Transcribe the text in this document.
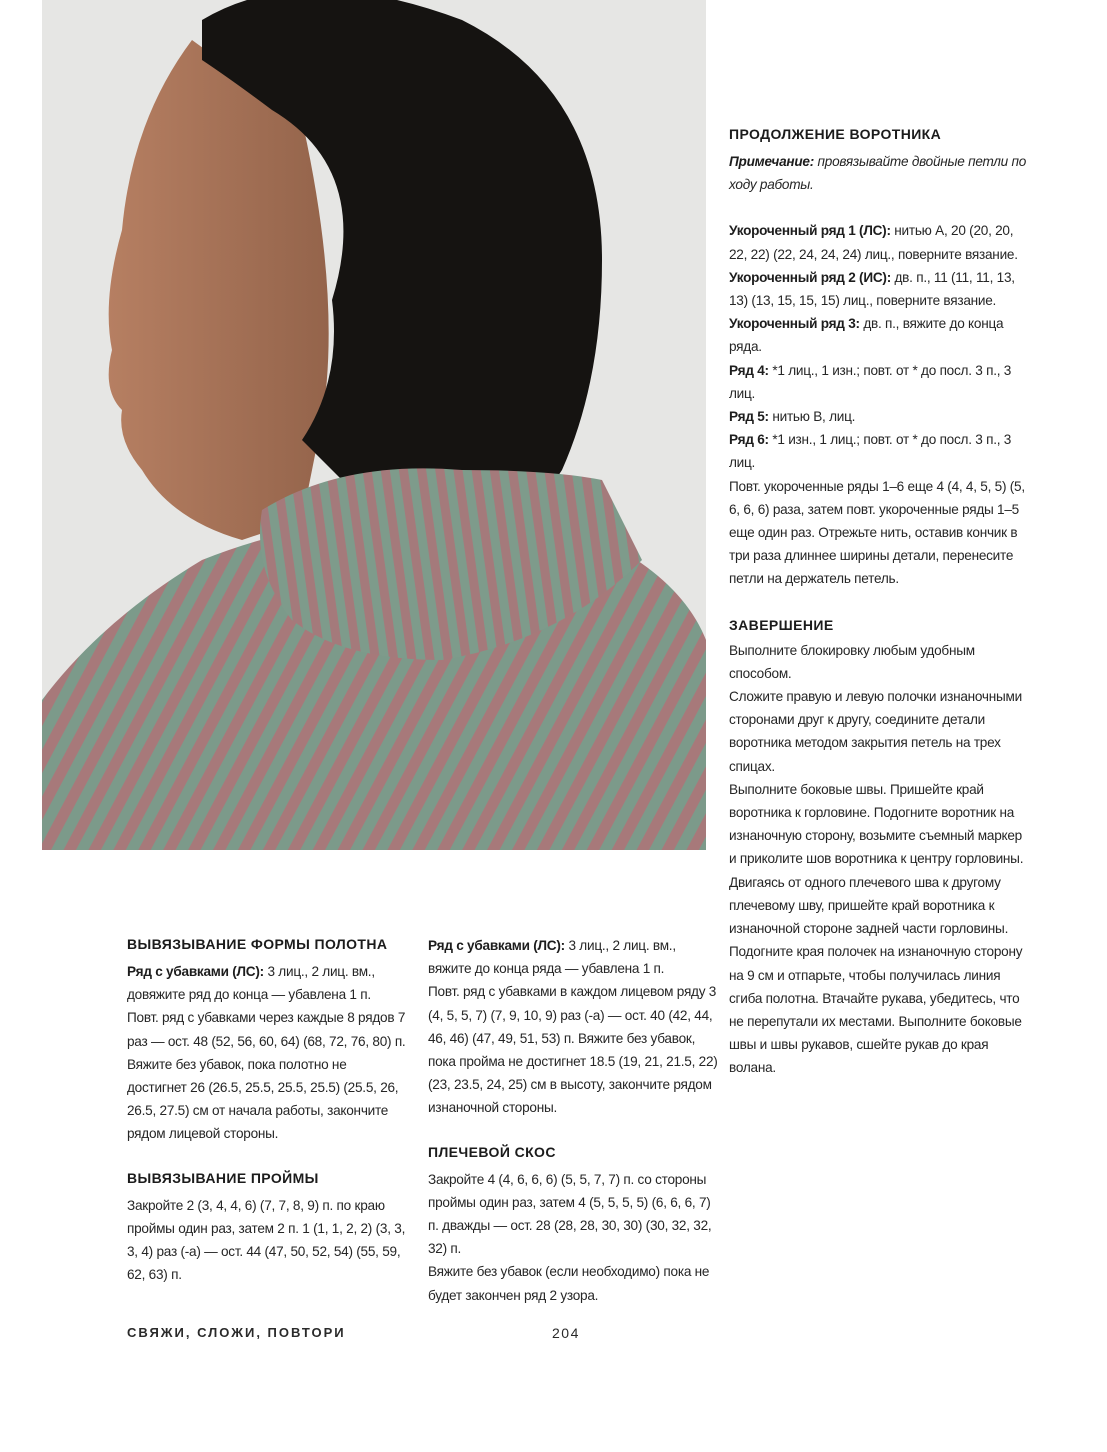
ПРОДОЛЖЕНИЕ ВОРОТНИКА

Примечание: провязывайте двойные петли по ходу работы.

Укороченный ряд 1 (ЛС): нитью А, 20 (20, 20, 22, 22) (22, 24, 24, 24) лиц., поверните вязание.

Укороченный ряд 2 (ИС): дв. п., 11 (11, 11, 13, 13) (13, 15, 15, 15) лиц., поверните вязание.

Укороченный ряд 3: дв. п., вяжите до конца ряда.

Ряд 4: *1 лиц., 1 изн.; повт. от * до посл. 3 п., 3 лиц.

Ряд 5: нитью В, лиц.

Ряд 6: *1 изн., 1 лиц.; повт. от * до посл. 3 п., 3 лиц.

Повт. укороченные ряды 1–6 еще 4 (4, 4, 5, 5) (5, 6, 6, 6) раза, затем повт. укороченные ряды 1–5 еще один раз. Отрежьте нить, оставив кончик в три раза длиннее ширины детали, перенесите петли на держатель петель.

ЗАВЕРШЕНИЕ

Выполните блокировку любым удобным способом.

Сложите правую и левую полочки изнаночными сторонами друг к другу, соедините детали воротника методом закрытия петель на трех спицах.

Выполните боковые швы. Пришейте край воротника к горловине. Подогните воротник на изнаночную сторону, возьмите съемный маркер и приколите шов воротника к центру горловины. Двигаясь от одного плечевого шва к другому плечевому шву, пришейте край воротника к изнаночной стороне задней части горловины. Подогните края полочек на изнаночную сторону на 9 см и отпарьте, чтобы получилась линия сгиба полотна. Втачайте рукава, убедитесь, что не перепутали их местами. Выполните боковые швы и швы рукавов, сшейте рукав до края волана.

ВЫВЯЗЫВАНИЕ ФОРМЫ ПОЛОТНА

Ряд с убавками (ЛС): 3 лиц., 2 лиц. вм., довяжите ряд до конца — убавлена 1 п.

Повт. ряд с убавками через каждые 8 рядов 7 раз — ост. 48 (52, 56, 60, 64) (68, 72, 76, 80) п. Вяжите без убавок, пока полотно не достигнет 26 (26.5, 25.5, 25.5, 25.5) (25.5, 26, 26.5, 27.5) см от начала работы, закончите рядом лицевой стороны.

ВЫВЯЗЫВАНИЕ ПРОЙМЫ

Закройте 2 (3, 4, 4, 6) (7, 7, 8, 9) п. по краю проймы один раз, затем 2 п. 1 (1, 1, 2, 2) (3, 3, 3, 4) раз (-а) — ост. 44 (47, 50, 52, 54) (55, 59, 62, 63) п.

Ряд с убавками (ЛС): 3 лиц., 2 лиц. вм., вяжите до конца ряда — убавлена 1 п.

Повт. ряд с убавками в каждом лицевом ряду 3 (4, 5, 5, 7) (7, 9, 10, 9) раз (-а) — ост. 40 (42, 44, 46, 46) (47, 49, 51, 53) п. Вяжите без убавок, пока пройма не достигнет 18.5 (19, 21, 21.5, 22) (23, 23.5, 24, 25) см в высоту, закончите рядом изнаночной стороны.

ПЛЕЧЕВОЙ СКОС

Закройте 4 (4, 6, 6, 6) (5, 5, 7, 7) п. со стороны проймы один раз, затем 4 (5, 5, 5, 5) (6, 6, 6, 7) п. дважды — ост. 28 (28, 28, 30, 30) (30, 32, 32, 32) п.

Вяжите без убавок (если необходимо) пока не будет закончен ряд 2 узора.

СВЯЖИ, СЛОЖИ, ПОВТОРИ	204
